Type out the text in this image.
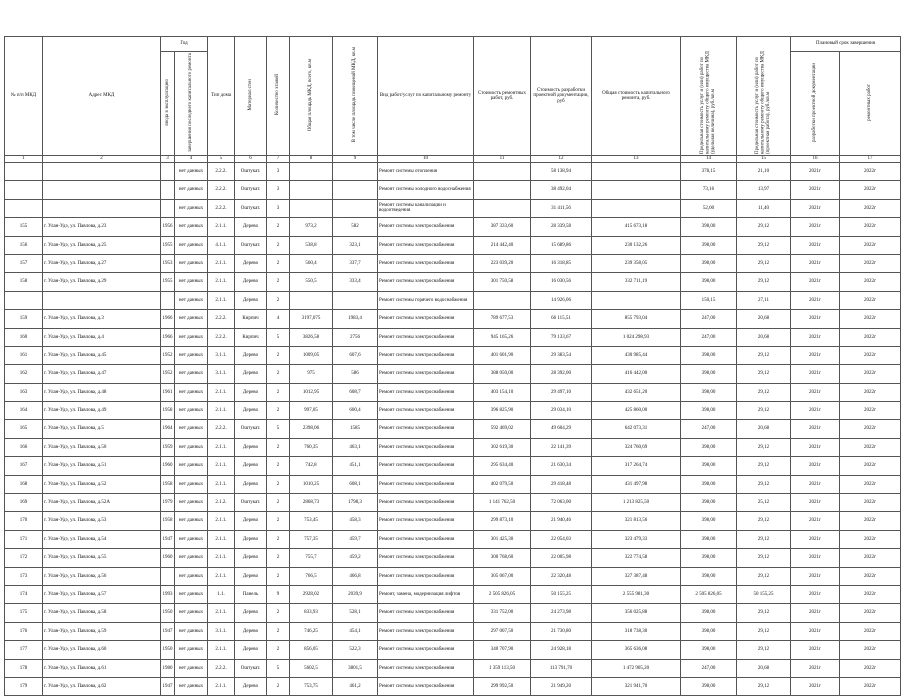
№ п/п МКД	Адрес МКД	Год		Тип дома	Материал стен	Количество этажей	Общая площадь МКД, всего, кв.м	В том числе площадь помещений МКД, кв.м	Вид работ/услуг по капитальному ремонту	Стоимость ремонтных работ, руб.	Стоимость разработки проектной документации, руб	Общая стоимость капитального ремонта, руб.	Предельная стоимость услуг и (или) работ по капитальному ремонту общего имущества МКД (удельная величина), руб./кв.м	Предельная стоимость услуг и (или) работ по капитальному ремонту общего имущества МКД (проектная работа), руб./кв.м	Плановый срок завершения	
		ввода в эксплуатацию	завершения последнего капитального ремонта												разработки проектной документации	ремонтных работ
1	2	3	4	5	6	7	8	9	10	11	12	13	14	15	16	17
			нет данных	2.2.2.	Оштукат.	3			Ремонт системы отопления		58 138,94		378,15	21,10	2021г	2022г
			нет данных	2.2.2.	Оштукат.	3			Ремонт системы холодного водоснабжения		38 492,04		73,16	13,97	2021г	2022г
			нет данных	2.2.2.	Оштукат.	3			Ремонт системы канализации и водоотведения		31 411,56		52,00	11,40	2021г	2022г
155	г. Улан-Удэ, ул. Павлова, д.23	1956	нет данных	2.1.1.	Дерево	2	973,2	582	Ремонт системы электроснабжения	387 333,60	28 339,58	415 673,18	398,00	29,12	2021г	2022г
156	г. Улан-Удэ, ул. Павлова, д.25	1955	нет данных	4.1.1.	Оштукат.	2	538,8	323,1	Ремонт системы электроснабжения	214 442,40	15 689,86	230 132,26	398,00	29,12	2021г	2022г
157	г. Улан-Удэ, ул. Павлова, д.27	1953	нет данных	2.1.1.	Дерево	2	560,4	337,7	Ремонт системы электроснабжения	223 039,20	16 318,85	239 358,05	398,00	29,12	2021г	2022г
158	г. Улан-Удэ, ул. Павлова, д.29	1955	нет данных	2.1.1.	Дерево	2	550,5	333,4	Ремонт системы электроснабжения	301 750,58	16 030,56	332 711,19	398,00	29,12	2021г	2022г
			нет данных	2.1.1.	Дерево	2			Ремонт системы горячего водоснабжения		14 926,06		150,15	27,11	2021г	2022г
159	г. Улан-Удэ, ул. Павлова, д.3	1966	нет данных	2.2.2.	Кирпич	4	3197,075	1983,4	Ремонт системы электроснабжения	789 677,53	66 115,51	855 793,04	247,00	20,68	2021г	2022г
160	г. Улан-Удэ, ул. Павлова, д.4	1966	нет данных	2.2.2.	Кирпич	5	3826,58	2756	Ремонт системы электроснабжения	945 165,26	79 133,67	1 024 298,93	247,00	20,68	2021г	2022г
161	г. Улан-Удэ, ул. Павлова, д.45	1952	нет данных	3.1.1.	Дерево	2	1009,05	607,6	Ремонт системы электроснабжения	401 601,90	29 383,54	430 985,44	398,00	29,12	2021г	2022г
162	г. Улан-Удэ, ул. Павлова, д.47	1952	нет данных	3.1.1.	Дерево	2	975	586	Ремонт системы электроснабжения	388 050,00	28 392,00	416 442,00	398,00	29,12	2021г	2022г
163	г. Улан-Удэ, ул. Павлова, д.48	1961	нет данных	2.1.1.	Дерево	2	1012,95	608,7	Ремонт системы электроснабжения	403 154,10	29 497,10	432 651,20	398,00	29,12	2021г	2022г
164	г. Улан-Удэ, ул. Павлова, д.49	1958	нет данных	2.1.1.	Дерево	2	997,05	600,4	Ремонт системы электроснабжения	396 825,90	29 034,10	425 860,00	398,00	29,12	2021г	2022г
165	г. Улан-Удэ, ул. Павлова, д.5	1964	нет данных	2.2.2.	Оштукат.	5	2398,06	1585	Ремонт системы электроснабжения	592 469,02	49 604,29	642 073,31	247,00	20,68	2021г	2022г
166	г. Улан-Удэ, ул. Павлова, д.50	1959	нет данных	2.1.1.	Дерево	2	760,35	463,1	Ремонт системы электроснабжения	302 619,30	22 141,39	324 760,69	398,00	29,12	2021г	2022г
167	г. Улан-Удэ, ул. Павлова, д.51	1960	нет данных	2.1.1.	Дерево	2	742,8	451,1	Ремонт системы электроснабжения	295 634,40	21 630,34	317 264,74	398,00	29,12	2021г	2022г
168	г. Улан-Удэ, ул. Павлова, д.52	1958	нет данных	2.1.1.	Дерево	2	1010,25	608,1	Ремонт системы электроснабжения	402 079,50	29 418,48	431 497,98	398,00	29,12	2021г	2022г
169	г. Улан-Удэ, ул. Павлова, д.52А	1979	нет данных	2.1.2.	Оштукат.	2	2868,73	1798,3	Ремонт системы электроснабжения	1 141 762,50	72 063,00	1 213 825,50	398,00	25,12	2021г	2022г
170	г. Улан-Удэ, ул. Павлова, д.53	1958	нет данных	2.1.1.	Дерево	2	753,45	458,3	Ремонт системы электроснабжения	299 873,10	21 940,46	321 813,56	398,00	29,12	2021г	2022г
171	г. Улан-Удэ, ул. Павлова, д.54	1947	нет данных	2.1.1.	Дерево	2	757,35	459,7	Ремонт системы электроснабжения	301 425,30	22 054,03	323 479,33	398,00	29,12	2021г	2022г
172	г. Улан-Удэ, ул. Павлова, д.55	1960	нет данных	2.1.1.	Дерево	2	755,7	459,2	Ремонт системы электроснабжения	300 768,60	22 005,98	322 774,58	398,00	29,12	2021г	2022г
173	г. Улан-Удэ, ул. Павлова, д.56		нет данных	2.1.1.	Дерево	2	766,5	466,8	Ремонт системы электроснабжения	305 067,00	22 320,48	327 387,48	398,00	29,12	2021г	2022г
174	г. Улан-Удэ, ул. Павлова, д.57	1993	нет данных	1.1.	Панель	9	2928,02	2039,9	Ремонт, замена, модернизация лифтов	2 505 826,05	50 155,25	2 555 981,30	2 505 826,05	50 155,25	2021г	2022г
175	г. Улан-Удэ, ул. Павлова, д.58	1950	нет данных	2.1.1.	Дерево	2	833,93	528,1	Ремонт системы электроснабжения	331 752,00	24 273,98	356 025,88	398,00	29,12	2021г	2022г
176	г. Улан-Удэ, ул. Павлова, д.59	1947	нет данных	3.1.1.	Дерево	2	746,25	454,1	Ремонт системы электроснабжения	297 007,50	21 730,80	318 738,30	398,00	29,12	2021г	2022г
177	г. Улан-Удэ, ул. Павлова, д.60	1950	нет данных	2.1.1.	Дерево	2	856,05	522,3	Ремонт системы электроснабжения	340 707,90	24 928,18	365 636,08	398,00	29,12	2021г	2022г
178	г. Улан-Удэ, ул. Павлова, д.61	1980	нет данных	2.2.2.	Оштукат.	5	5602,5	3801,5	Ремонт системы электроснабжения	1 359 113,50	113 791,70	1 472 905,20	247,00	20,68	2021г	2022г
179	г. Улан-Удэ, ул. Павлова, д.62	1947	нет данных	2.1.1.	Дерево	2	753,75	461,2	Ремонт системы электроснабжения	299 992,50	21 949,20	321 941,70	398,00	29,12	2021г	2022г
